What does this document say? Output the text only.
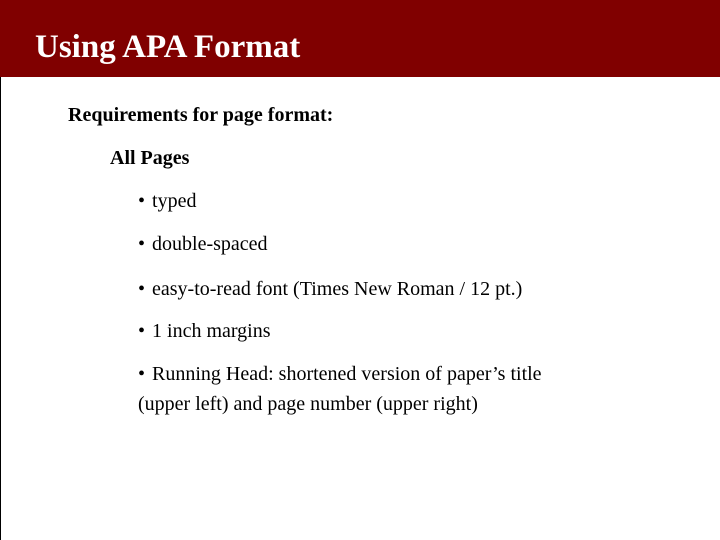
Using APA Format
Requirements for page format:
All Pages
• typed
• double-spaced
• easy-to-read font (Times New Roman / 12 pt.)
• 1 inch margins
• Running Head: shortened version of paper’s title
(upper left) and page number (upper right)
